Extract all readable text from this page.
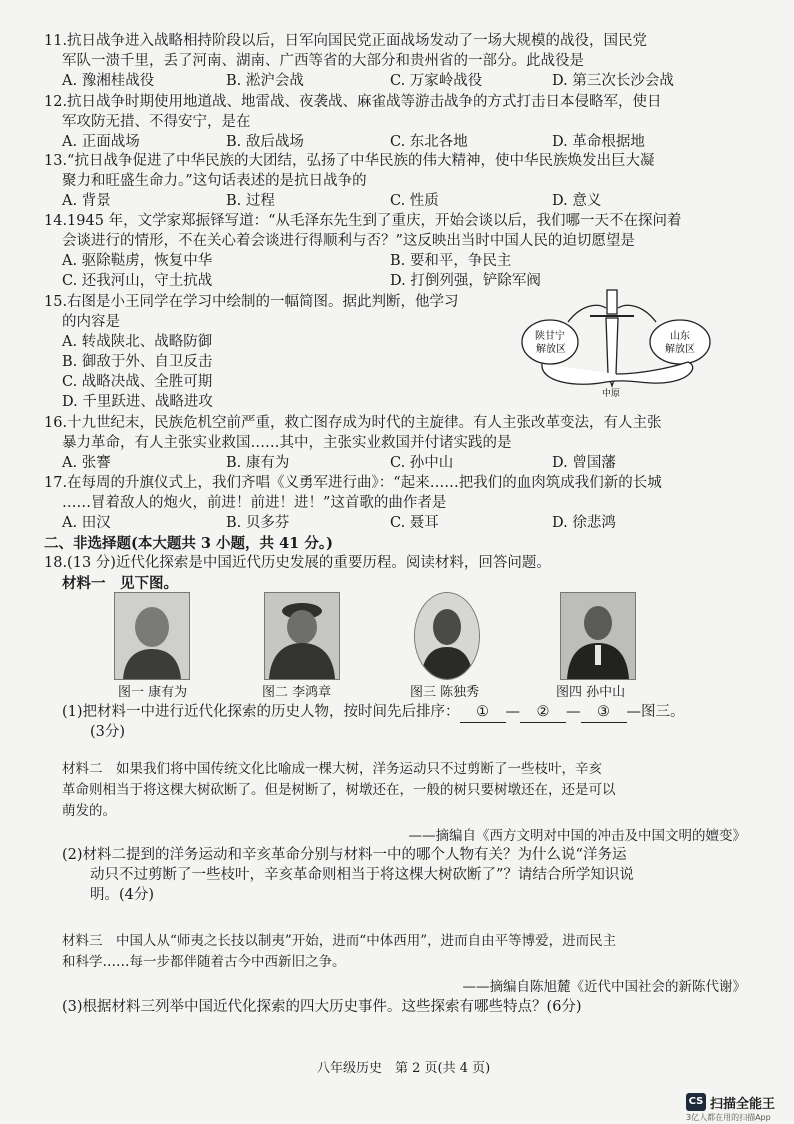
11.抗日战争进入战略相持阶段以后，日军向国民党正面战场发动了一场大规模的战役，国民党
军队一溃千里，丢了河南、湖南、广西等省的大部分和贵州省的一部分。此战役是
A. 豫湘桂战役	B. 淞沪会战	C. 万家岭战役	D. 第三次长沙会战
12.抗日战争时期使用地道战、地雷战、夜袭战、麻雀战等游击战争的方式打击日本侵略军，使日
军攻防无措、不得安宁，是在
A. 正面战场	B. 敌后战场	C. 东北各地	D. 革命根据地
13.“抗日战争促进了中华民族的大团结，弘扬了中华民族的伟大精神，使中华民族焕发出巨大凝
聚力和旺盛生命力。”这句话表述的是抗日战争的
A. 背景	B. 过程	C. 性质	D. 意义
14.1945 年，文学家郑振铎写道：“从毛泽东先生到了重庆，开始会谈以后，我们哪一天不在探问着
会谈进行的情形，不在关心着会谈进行得顺利与否？”这反映出当时中国人民的迫切愿望是
A. 驱除鞑虏，恢复中华	B. 要和平，争民主
C. 还我河山，守土抗战	D. 打倒列强，铲除军阀
15.右图是小王同学在学习中绘制的一幅简图。据此判断，他学习
的内容是
A. 转战陕北、战略防御
B. 御敌于外、自卫反击
C. 战略决战、全胜可期
D. 千里跃进、战略进攻
陕甘宁
解放区
山东
解放区
中原
16.十九世纪末，民族危机空前严重，救亡图存成为时代的主旋律。有人主张改革变法，有人主张
暴力革命，有人主张实业救国……其中，主张实业救国并付诸实践的是
A. 张謇	B. 康有为	C. 孙中山	D. 曾国藩
17.在每周的升旗仪式上，我们齐唱《义勇军进行曲》：“起来……把我们的血肉筑成我们新的长城
……冒着敌人的炮火，前进！前进！进！”这首歌的曲作者是
A. 田汉	B. 贝多芬	C. 聂耳	D. 徐悲鸿
二、非选择题(本大题共 3 小题，共 41 分。)
18.(13 分)近代化探索是中国近代历史发展的重要历程。阅读材料，回答问题。
材料一　见下图。
图一 康有为	图二 李鸿章	图三 陈独秀	图四 孙中山
(1)把材料一中进行近代化探索的历史人物，按时间先后排序： ① — ② — ③ —图三。
(3分)
材料二　如果我们将中国传统文化比喻成一棵大树，洋务运动只不过剪断了一些枝叶，辛亥
革命则相当于将这棵大树砍断了。但是树断了，树墩还在，一般的树只要树墩还在，还是可以
萌发的。
——摘编自《西方文明对中国的冲击及中国文明的嬗变》
(2)材料二提到的洋务运动和辛亥革命分别与材料一中的哪个人物有关？为什么说“洋务运
动只不过剪断了一些枝叶，辛亥革命则相当于将这棵大树砍断了”？请结合所学知识说
明。(4分)
材料三　中国人从“师夷之长技以制夷”开始，进而“中体西用”，进而自由平等博爱，进而民主
和科学……每一步都伴随着古今中西新旧之争。
——摘编自陈旭麓《近代中国社会的新陈代谢》
(3)根据材料三列举中国近代化探索的四大历史事件。这些探索有哪些特点？(6分)
八年级历史　第 2 页(共 4 页)
CS 扫描全能王
3亿人都在用的扫描App
